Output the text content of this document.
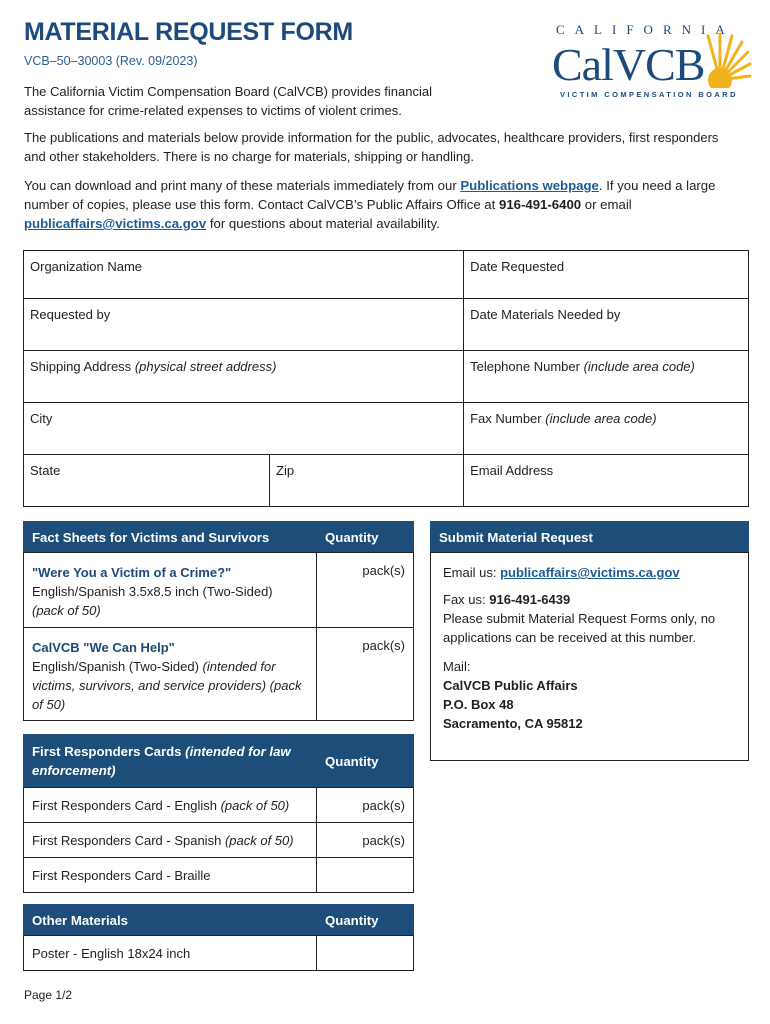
MATERIAL REQUEST FORM
VCB–50–30003 (Rev. 09/2023)
CALIFORNIA
CalVCB
VICTIM COMPENSATION BOARD
The California Victim Compensation Board (CalVCB) provides financial assistance for crime-related expenses to victims of violent crimes.
The publications and materials below provide information for the public, advocates, healthcare providers, first responders and other stakeholders. There is no charge for materials, shipping or handling.
You can download and print many of these materials immediately from our Publications webpage. If you need a large number of copies, please use this form. Contact CalVCB’s Public Affairs Office at 916-491-6400 or email publicaffairs@victims.ca.gov for questions about material availability.
Organization Name		Date Requested
Requested by		Date Materials Needed by
Shipping Address (physical street address)		Telephone Number (include area code)
City		Fax Number (include area code)
State	Zip	Email Address
Fact Sheets for Victims and Survivors	Quantity

"Were You a Victim of a Crime?"
English/Spanish 3.5x8.5 inch (Two-Sided)
(pack of 50)	pack(s)

CalVCB "We Can Help"
English/Spanish (Two-Sided) (intended for victims, survivors, and service providers) (pack of 50)	pack(s)
First Responders Cards (intended for law enforcement)	Quantity
First Responders Card - English (pack of 50)	pack(s)
First Responders Card - Spanish (pack of 50)	pack(s)
First Responders Card - Braille	
Other Materials	Quantity
Poster - English 18x24 inch	
Submit Material Request

Email us: publicaffairs@victims.ca.gov
Fax us: 916-491-6439
Please submit Material Request Forms only, no applications can be received at this number.
Mail:
CalVCB Public Affairs
P.O. Box 48
Sacramento, CA 95812
Page 1/2
